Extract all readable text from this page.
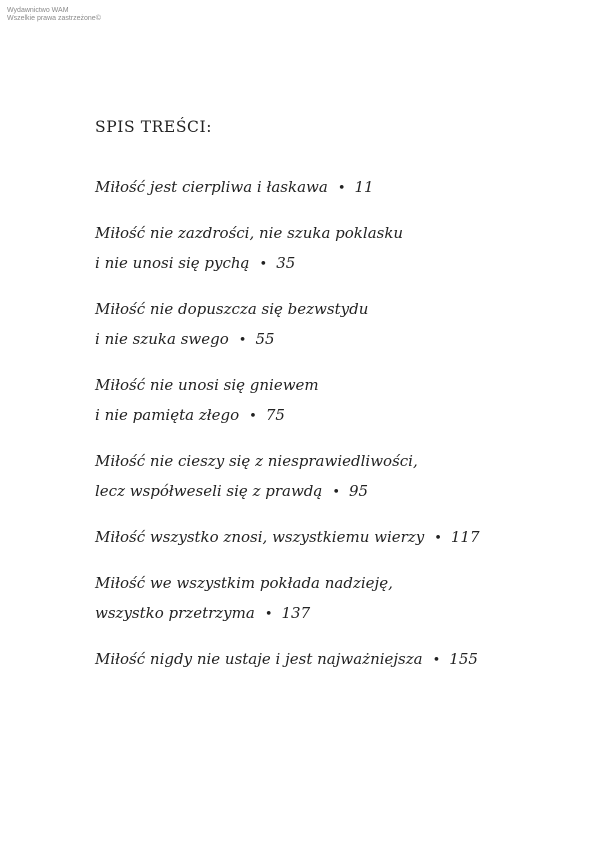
Wydawnictwo WAM
Wszelkie prawa zastrzeżone©
SPIS TREŚCI:
Miłość jest cierpliwa i łaskawa • 11
Miłość nie zazdrości, nie szuka poklasku
i nie unosi się pychą • 35
Miłość nie dopuszcza się bezwstydu
i nie szuka swego • 55
Miłość nie unosi się gniewem
i nie pamięta złego • 75
Miłość nie cieszy się z niesprawiedliwości,
lecz współweseli się z prawdą • 95
Miłość wszystko znosi, wszystkiemu wierzy • 117
Miłość we wszystkim pokłada nadzieję,
wszystko przetrzyma • 137
Miłość nigdy nie ustaje i jest najważniejsza • 155
